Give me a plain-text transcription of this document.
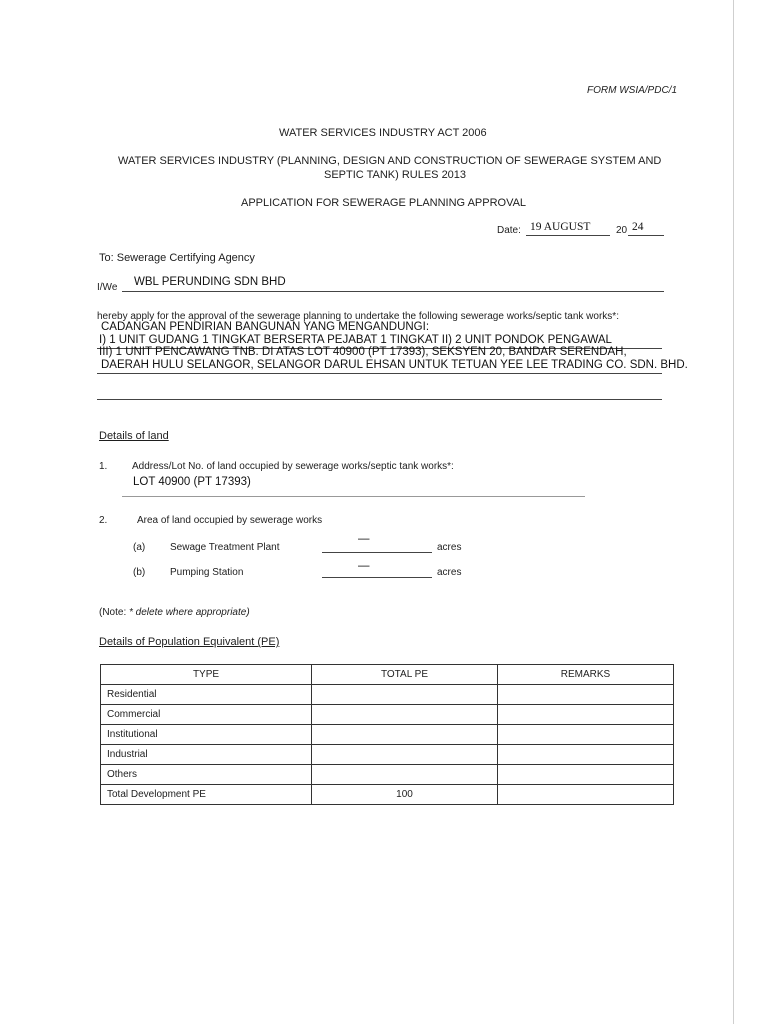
FORM WSIA/PDC/1
WATER SERVICES INDUSTRY ACT 2006
WATER SERVICES INDUSTRY (PLANNING, DESIGN AND CONSTRUCTION OF SEWERAGE SYSTEM AND
SEPTIC TANK) RULES 2013
APPLICATION FOR SEWERAGE PLANNING APPROVAL
Date: 19 AUGUST	20 24
To: Sewerage Certifying Agency
I/We WBL PERUNDING SDN BHD
hereby apply for the approval of the sewerage planning to undertake the following sewerage works/septic tank works*:
CADANGAN PENDIRIAN BANGUNAN YANG MENGANDUNGI:
I) 1 UNIT GUDANG 1 TINGKAT BERSERTA PEJABAT 1 TINGKAT II) 2 UNIT PONDOK PENGAWAL
III) 1 UNIT PENCAWANG TNB. DI ATAS LOT 40900 (PT 17393), SEKSYEN 20, BANDAR SERENDAH,
DAERAH HULU SELANGOR, SELANGOR DARUL EHSAN UNTUK TETUAN YEE LEE TRADING CO. SDN. BHD.
Details of land
1. Address/Lot No. of land occupied by sewerage works/septic tank works*:
LOT 40900 (PT 17393)
2.	Area of land occupied by sewerage works
(a) Sewage Treatment Plant
—
acres
(b) Pumping Station
—
acres
(Note: * delete where appropriate)
Details of Population Equivalent (PE)
TYPE	TOTAL PE	REMARKS
Residential		
Commercial		
Institutional		
Industrial		
Others		
Total Development PE	100	
